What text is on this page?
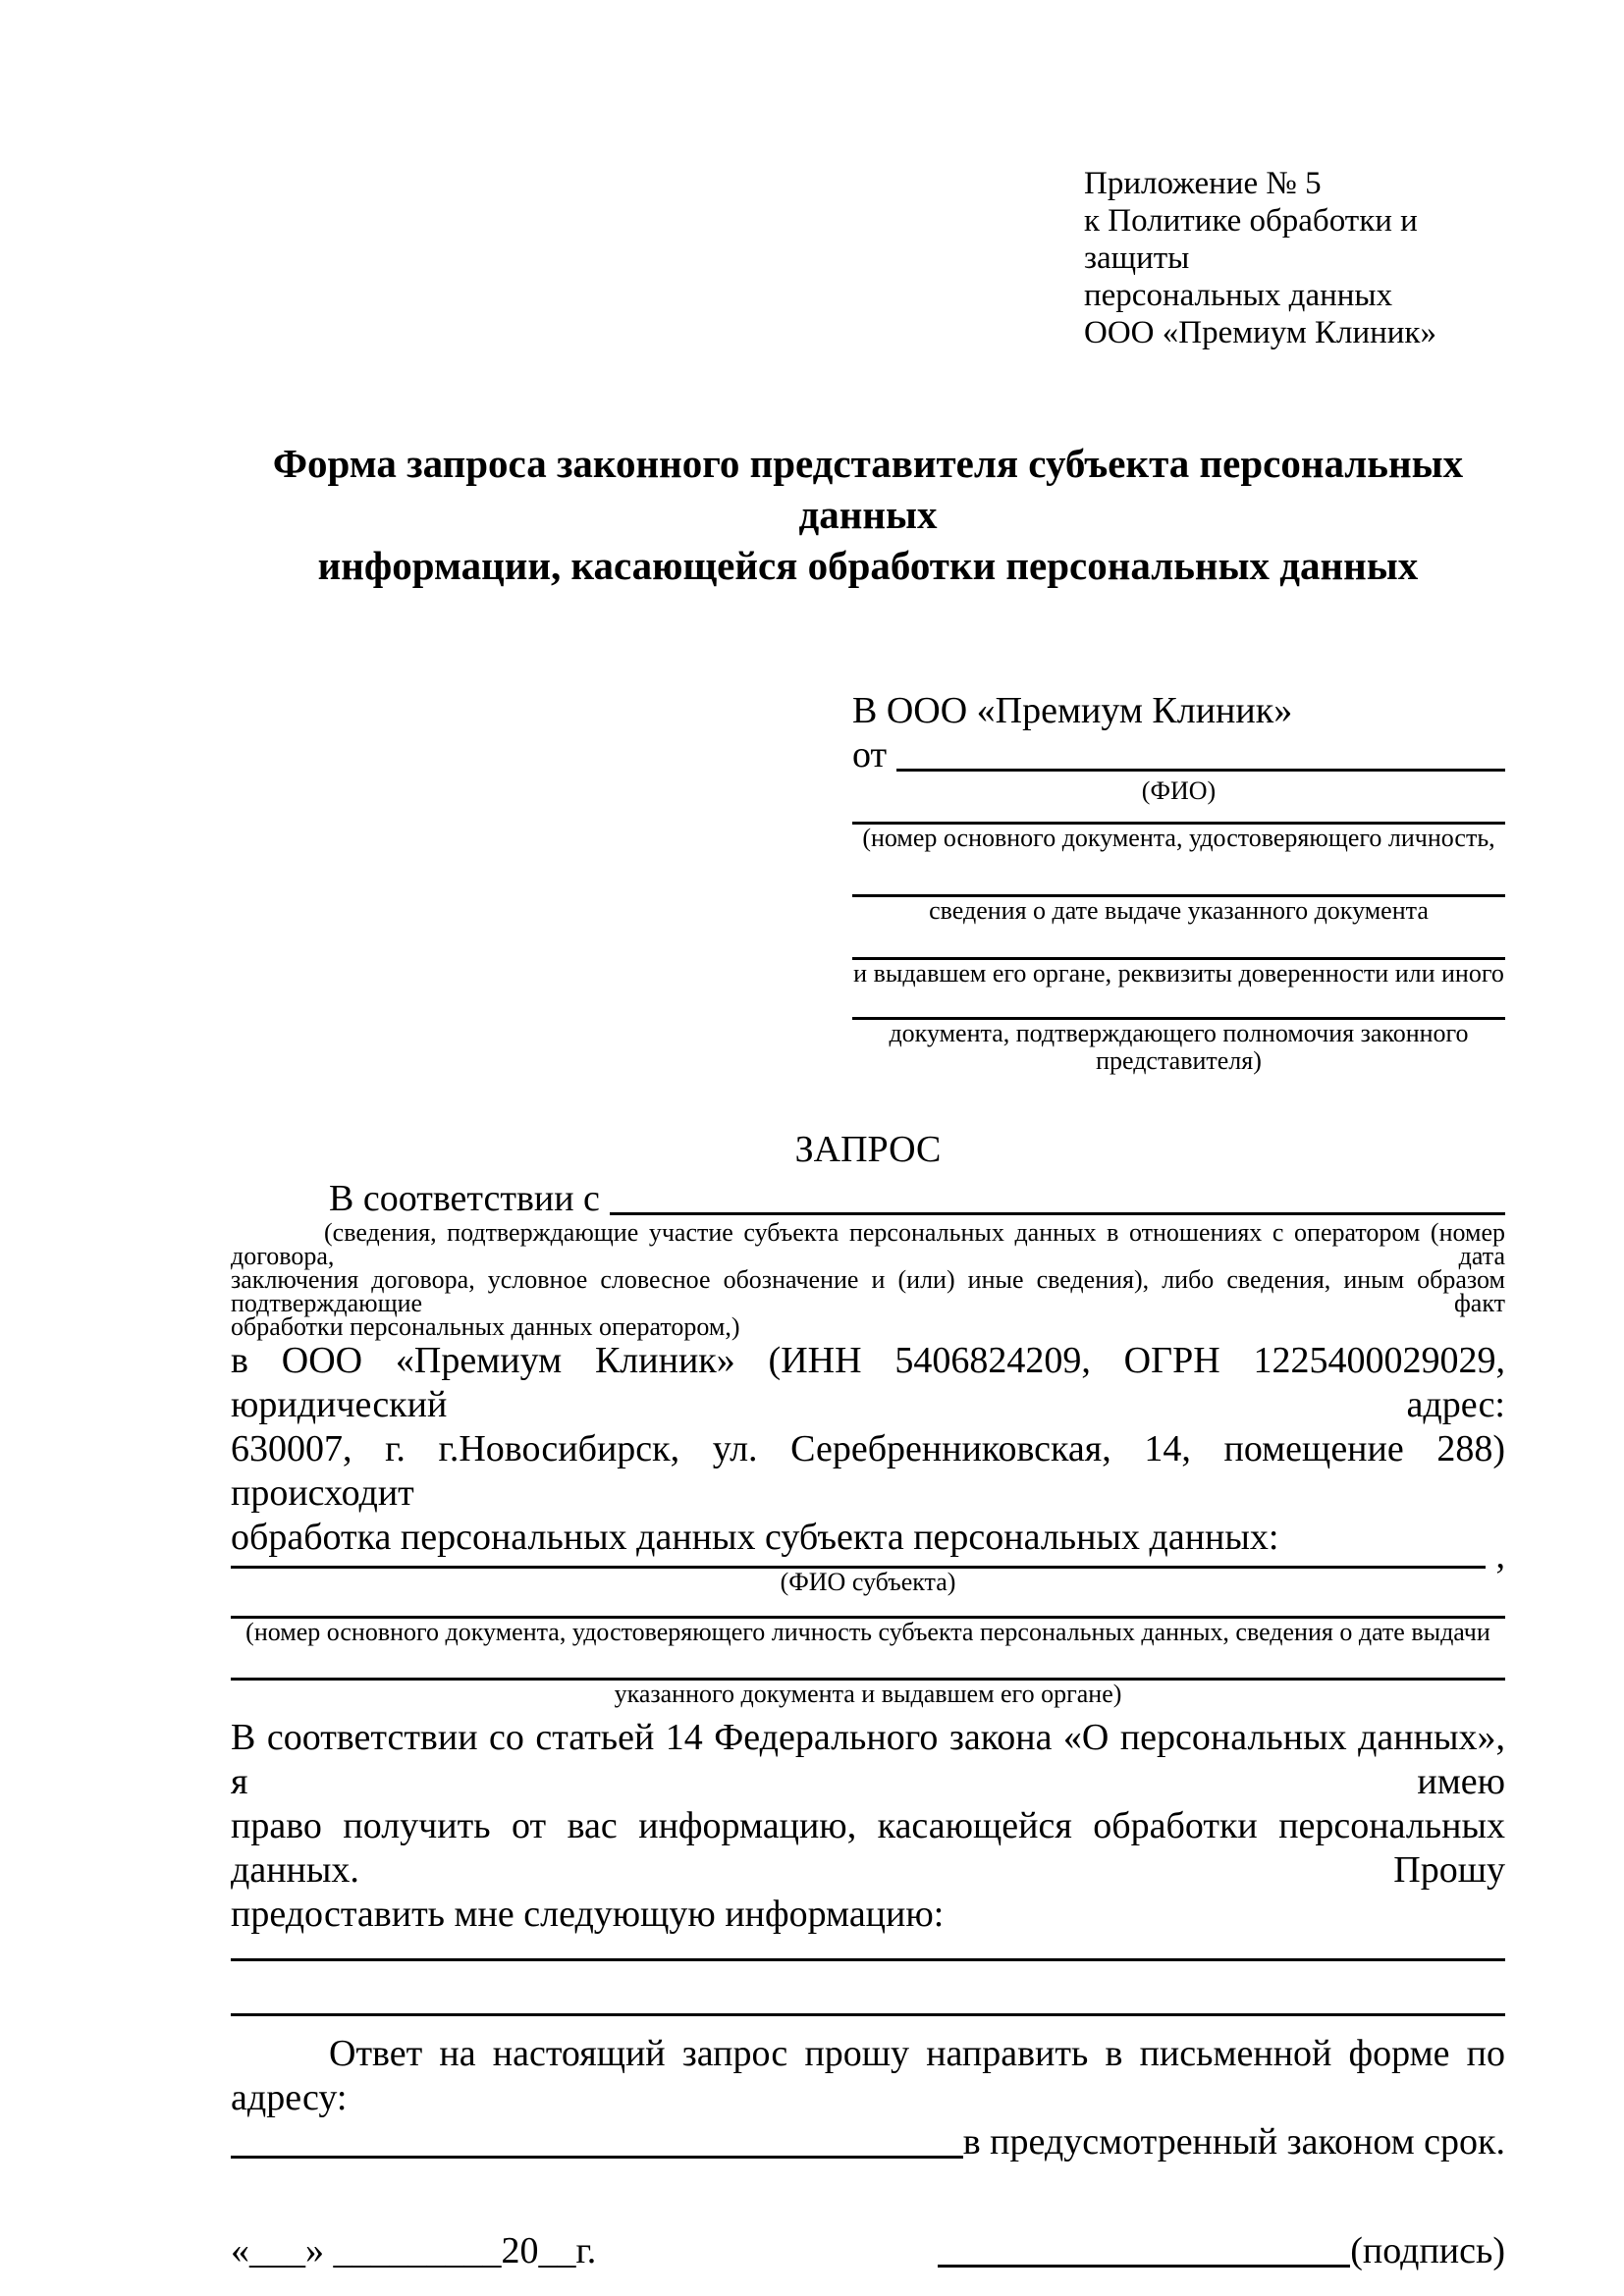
Приложение № 5
к Политике обработки и защиты
персональных данных
ООО «Премиум Клиник»
Форма запроса законного представителя субъекта персональных данных
информации, касающейся обработки персональных данных
В ООО «Премиум Клиник»
от
(ФИО)
(номер основного документа, удостоверяющего личность,
сведения о дате выдаче указанного документа
и выдавшем его органе, реквизиты доверенности или иного
документа, подтверждающего полномочия законного представителя)
ЗАПРОС
В соответствии с
(сведения, подтверждающие участие субъекта персональных данных в отношениях с оператором (номер договора, дата
заключения договора, условное словесное обозначение и (или) иные сведения), либо сведения, иным образом подтверждающие факт
обработки персональных данных оператором,)
в ООО «Премиум Клиник» (ИНН 5406824209, ОГРН 1225400029029, юридический адрес:
630007, г. г.Новосибирск, ул. Серебренниковская, 14, помещение 288) происходит
обработка персональных данных субъекта персональных данных:	,
(ФИО субъекта)
(номер основного документа, удостоверяющего личность субъекта персональных данных, сведения о дате выдачи
указанного документа и выдавшем его органе)
В соответствии со статьей 14 Федерального закона «О персональных данных», я имею
право получить от вас информацию, касающейся обработки персональных данных. Прошу
предоставить мне следующую информацию:
Ответ на настоящий запрос прошу направить в письменной форме по адресу:
в предусмотренный законом срок.
«___» _________20__г.	(подпись)
